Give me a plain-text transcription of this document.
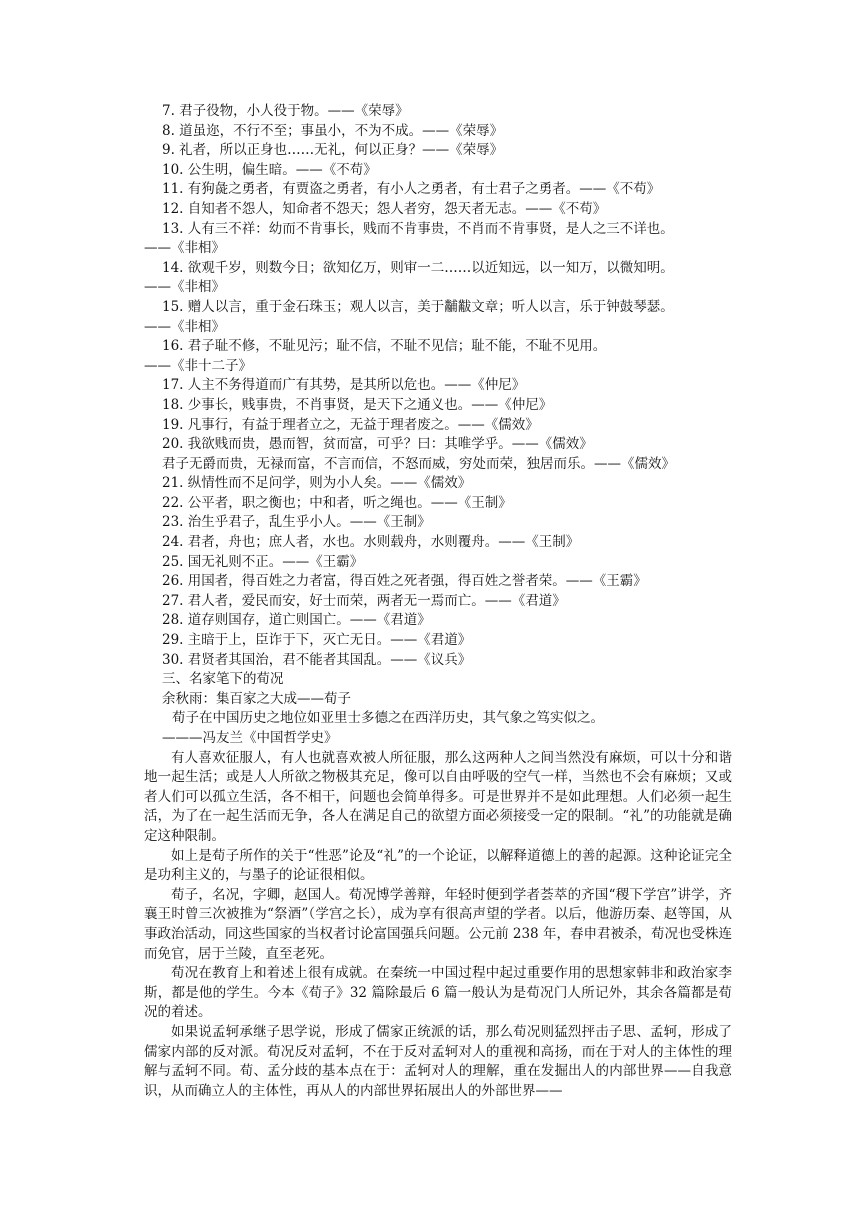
7. 君子役物，小人役于物。——《荣辱》
8. 道虽迩，不行不至；事虽小，不为不成。——《荣辱》
9. 礼者，所以正身也……无礼，何以正身？——《荣辱》
10. 公生明，偏生暗。——《不苟》
11. 有狗彘之勇者，有贾盗之勇者，有小人之勇者，有士君子之勇者。——《不苟》
12. 自知者不怨人，知命者不怨天；怨人者穷，怨天者无志。——《不苟》
13. 人有三不祥：幼而不肯事长，贱而不肯事贵，不肖而不肯事贤，是人之三不详也。
——《非相》
14. 欲观千岁，则数今日；欲知亿万，则审一二……以近知远，以一知万，以微知明。
——《非相》
15. 赠人以言，重于金石珠玉；观人以言，美于黼黻文章；听人以言，乐于钟鼓琴瑟。
——《非相》
16. 君子耻不修，不耻见污；耻不信，不耻不见信；耻不能，不耻不见用。
——《非十二子》
17. 人主不务得道而广有其势，是其所以危也。——《仲尼》
18. 少事长，贱事贵，不肖事贤，是天下之通义也。——《仲尼》
19. 凡事行，有益于理者立之，无益于理者废之。——《儒效》
20. 我欲贱而贵，愚而智，贫而富，可乎？曰：其唯学乎。——《儒效》
君子无爵而贵，无禄而富，不言而信，不怒而威，穷处而荣，独居而乐。——《儒效》
21. 纵情性而不足问学，则为小人矣。——《儒效》
22. 公平者，职之衡也；中和者，听之绳也。——《王制》
23. 治生乎君子，乱生乎小人。——《王制》
24. 君者，舟也；庶人者，水也。水则载舟，水则覆舟。——《王制》
25. 国无礼则不正。——《王霸》
26. 用国者，得百姓之力者富，得百姓之死者强，得百姓之誉者荣。——《王霸》
27. 君人者，爱民而安，好士而荣，两者无一焉而亡。——《君道》
28. 道存则国存，道亡则国亡。——《君道》
29. 主暗于上，臣诈于下，灭亡无日。——《君道》
30. 君贤者其国治，君不能者其国乱。——《议兵》
三、名家笔下的荀况
余秋雨：集百家之大成——荀子
荀子在中国历史之地位如亚里士多德之在西洋历史，其气象之笃实似之。
———冯友兰《中国哲学史》
有人喜欢征服人，有人也就喜欢被人所征服，那么这两种人之间当然没有麻烦，可以十分和谐地一起生活；或是人人所欲之物极其充足，像可以自由呼吸的空气一样，当然也不会有麻烦；又或者人们可以孤立生活，各不相干，问题也会简单得多。可是世界并不是如此理想。人们必须一起生活，为了在一起生活而无争，各人在满足自己的欲望方面必须接受一定的限制。“礼”的功能就是确定这种限制。
如上是荀子所作的关于“性恶”论及“礼”的一个论证，以解释道德上的善的起源。这种论证完全是功利主义的，与墨子的论证很相似。
荀子，名况，字卿，赵国人。荀况博学善辩，年轻时便到学者荟萃的齐国“稷下学宫”讲学，齐襄王时曾三次被推为“祭酒”（学宫之长），成为享有很高声望的学者。以后，他游历秦、赵等国，从事政治活动，同这些国家的当权者讨论富国强兵问题。公元前 238 年，春申君被杀，荀况也受株连而免官，居于兰陵，直至老死。
荀况在教育上和着述上很有成就。在秦统一中国过程中起过重要作用的思想家韩非和政治家李斯，都是他的学生。今本《荀子》32 篇除最后 6 篇一般认为是荀况门人所记外，其余各篇都是荀况的着述。
如果说孟轲承继子思学说，形成了儒家正统派的话，那么荀况则猛烈抨击子思、孟轲，形成了儒家内部的反对派。荀况反对孟轲，不在于反对孟轲对人的重视和高扬，而在于对人的主体性的理解与孟轲不同。荀、孟分歧的基本点在于：孟轲对人的理解，重在发掘出人的内部世界——自我意识，从而确立人的主体性，再从人的内部世界拓展出人的外部世界——
